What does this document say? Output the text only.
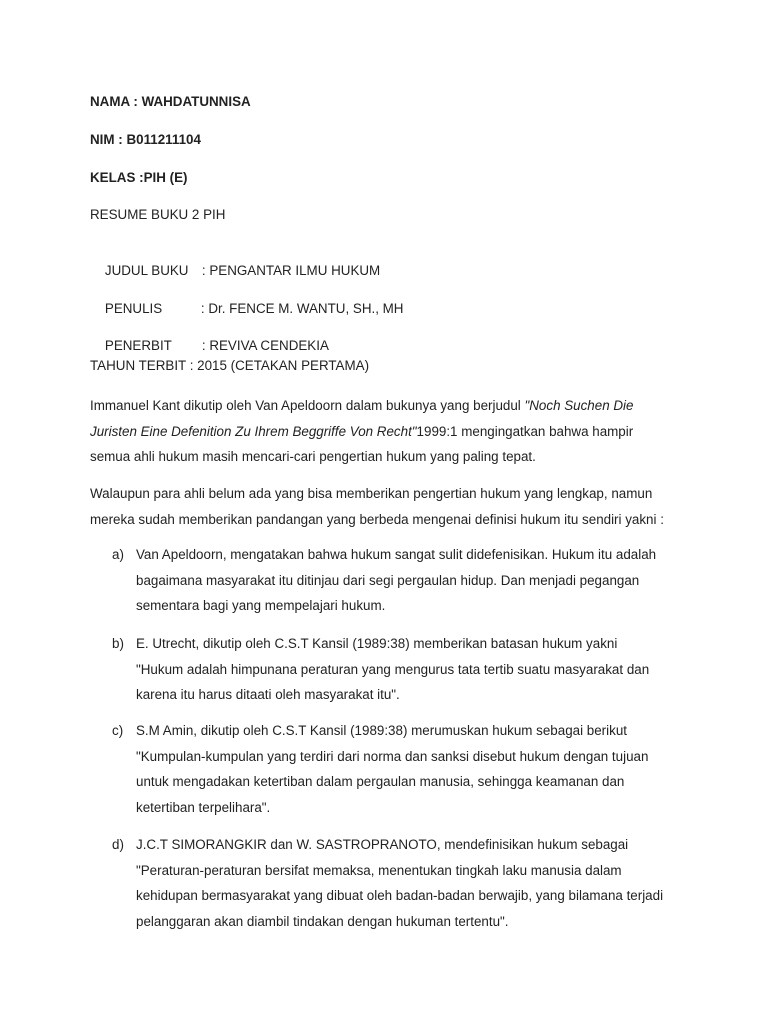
NAMA : WAHDATUNNISA
NIM : B011211104
KELAS :PIH (E)
RESUME BUKU 2 PIH

JUDUL BUKU : PENGANTAR ILMU HUKUM

PENULIS	: Dr. FENCE M. WANTU, SH., MH

PENERBIT : REVIVA CENDEKIA

TAHUN TERBIT : 2015 (CETAKAN PERTAMA)
Immanuel Kant dikutip oleh Van Apeldoorn dalam bukunya yang berjudul "Noch Suchen Die
Juristen Eine Defenition Zu Ihrem Beggriffe Von Recht"1999:1 mengingatkan bahwa hampir
semua ahli hukum masih mencari-cari pengertian hukum yang paling tepat.
Walaupun para ahli belum ada yang bisa memberikan pengertian hukum yang lengkap, namun
mereka sudah memberikan pandangan yang berbeda mengenai definisi hukum itu sendiri yakni :
a) Van Apeldoorn, mengatakan bahwa hukum sangat sulit didefenisikan. Hukum itu adalah
bagaimana masyarakat itu ditinjau dari segi pergaulan hidup. Dan menjadi pegangan
sementara bagi yang mempelajari hukum.
b) E. Utrecht, dikutip oleh C.S.T Kansil (1989:38) memberikan batasan hukum yakni
"Hukum adalah himpunana peraturan yang mengurus tata tertib suatu masyarakat dan
karena itu harus ditaati oleh masyarakat itu".
c) S.M Amin, dikutip oleh C.S.T Kansil (1989:38) merumuskan hukum sebagai berikut
"Kumpulan-kumpulan yang terdiri dari norma dan sanksi disebut hukum dengan tujuan
untuk mengadakan ketertiban dalam pergaulan manusia, sehingga keamanan dan
ketertiban terpelihara".
d) J.C.T SIMORANGKIR dan W. SASTROPRANOTO, mendefinisikan hukum sebagai
"Peraturan-peraturan bersifat memaksa, menentukan tingkah laku manusia dalam
kehidupan bermasyarakat yang dibuat oleh badan-badan berwajib, yang bilamana terjadi
pelanggaran akan diambil tindakan dengan hukuman tertentu".
